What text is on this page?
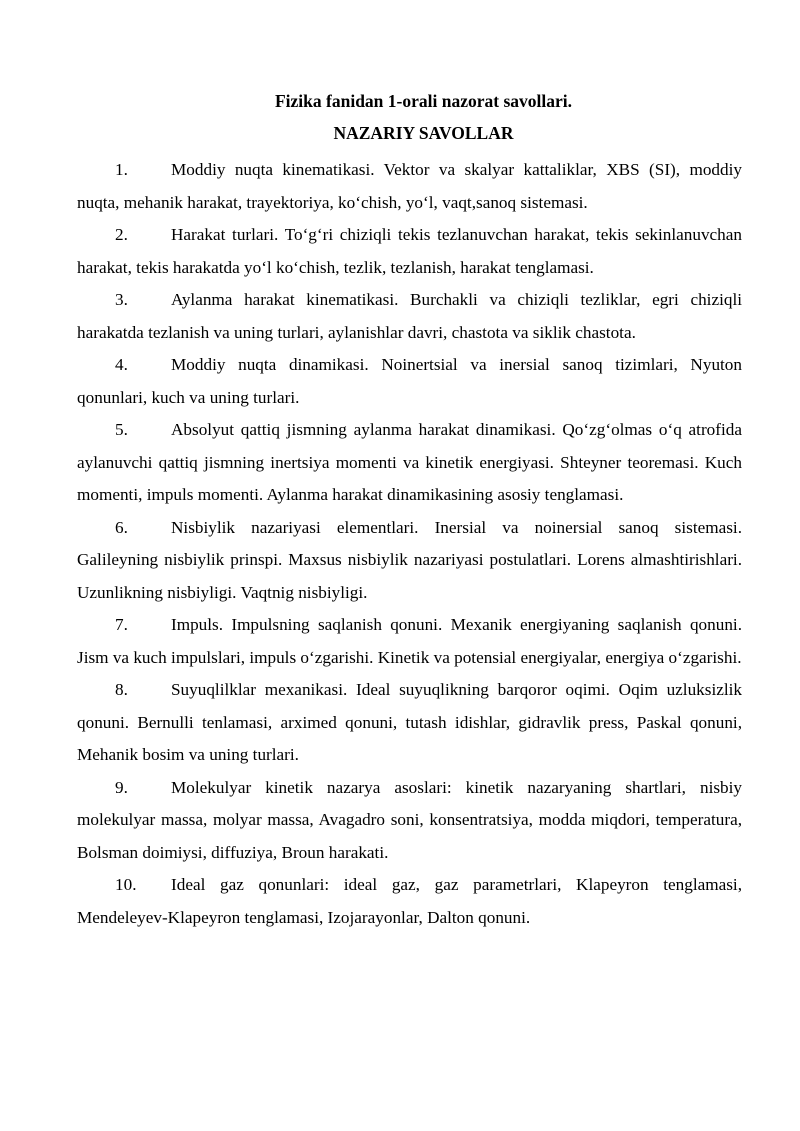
Fizika fanidan 1-orali nazorat savollari.
NAZARIY SAVOLLAR
1.	Moddiy nuqta kinematikasi. Vektor va skalyar kattaliklar, XBS (SI), moddiy nuqta, mehanik harakat, trayektoriya, ko‘chish, yo‘l, vaqt,sanoq sistemasi.
2.	Harakat turlari. To‘g‘ri chiziqli tekis tezlanuvchan harakat, tekis sekinlanuvchan harakat, tekis harakatda yo‘l ko‘chish, tezlik, tezlanish, harakat tenglamasi.
3.	Aylanma harakat kinematikasi. Burchakli va chiziqli tezliklar, egri chiziqli harakatda tezlanish va uning turlari, aylanishlar davri, chastota va siklik chastota.
4.	Moddiy nuqta dinamikasi. Noinertsial va inersial sanoq tizimlari, Nyuton qonunlari, kuch va uning turlari.
5.	Absolyut qattiq jismning aylanma harakat dinamikasi. Qo‘zg‘olmas o‘q atrofida aylanuvchi qattiq jismning inertsiya momenti va kinetik energiyasi. Shteyner teoremasi. Kuch momenti, impuls momenti. Aylanma harakat dinamikasining asosiy tenglamasi.
6.	Nisbiylik nazariyasi elementlari. Inersial va noinersial sanoq sistemasi. Galileyning nisbiylik prinspi. Maxsus nisbiylik nazariyasi postulatlari. Lorens almashtirishlari. Uzunlikning nisbiyligi. Vaqtnig nisbiyligi.
7.	Impuls. Impulsning saqlanish qonuni. Mexanik energiyaning saqlanish qonuni. Jism va kuch impulslari, impuls o‘zgarishi. Kinetik va potensial energiyalar, energiya o‘zgarishi.
8.	Suyuqlilklar mexanikasi. Ideal suyuqlikning barqoror oqimi. Oqim uzluksizlik qonuni. Bernulli tenlamasi, arximed qonuni, tutash idishlar, gidravlik press, Paskal qonuni, Mehanik bosim va uning turlari.
9.	Molekulyar kinetik nazarya asoslari: kinetik nazaryaning shartlari, nisbiy molekulyar massa, molyar massa, Avagadro soni, konsentratsiya, modda miqdori, temperatura, Bolsman doimiysi, diffuziya, Broun harakati.
10. Ideal gaz qonunlari: ideal gaz, gaz parametrlari, Klapeyron tenglamasi, Mendeleyev-Klapeyron tenglamasi, Izojarayonlar, Dalton qonuni.
